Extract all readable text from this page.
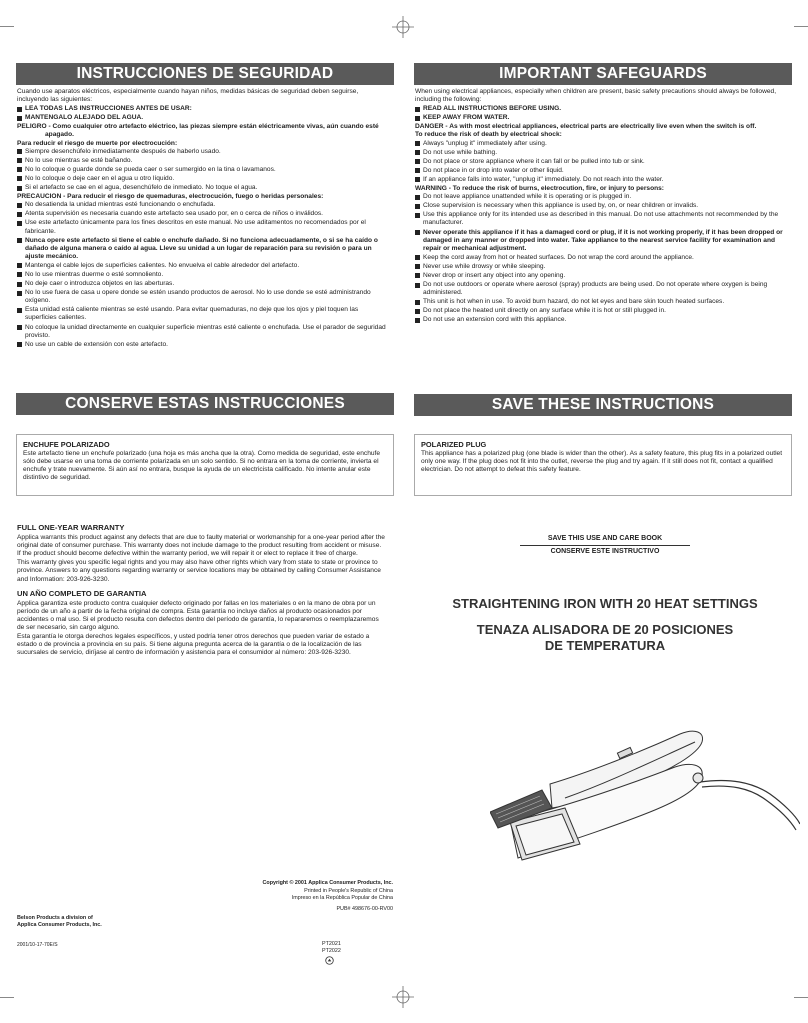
INSTRUCCIONES DE SEGURIDAD

Cuando use aparatos eléctricos, especialmente cuando hayan niños, medidas básicas de seguridad deben seguirse, incluyendo las siguientes:

LEA TODAS LAS INSTRUCCIONES ANTES DE USAR:
MANTENGALO ALEJADO DEL AGUA.
PELIGRO - Como cualquier otro artefacto eléctrico, las piezas siempre están eléctricamente vivas, aún cuando esté apagado.
Para reducir el riesgo de muerte por electrocución:
Siempre desenchúfelo inmediatamente después de haberlo usado.
No lo use mientras se esté bañando.
No lo coloque o guarde donde se pueda caer o ser sumergido en la tina o lavamanos.
No lo coloque o deje caer en el agua u otro líquido.
Si el artefacto se cae en el agua, desenchúfelo de inmediato. No toque el agua.
PRECAUCION - Para reducir el riesgo de quemaduras, electrocución, fuego o heridas personales:
No desatienda la unidad mientras esté funcionando o enchufada.
Atenta supervisión es necesaria cuando este artefacto sea usado por, en o cerca de niños o inválidos.
Use este artefacto únicamente para los fines descritos en este manual. No use aditamentos no recomendados por el fabricante.
Nunca opere este artefacto si tiene el cable o enchufe dañado. Si no funciona adecuadamente, o si se ha caído o dañado de alguna manera o caído al agua. Lleve su unidad a un lugar de reparación para su revisión o para un ajuste mecánico.
Mantenga el cable lejos de superficies calientes. No envuelva el cable alrededor del artefacto.
No lo use mientras duerme o esté somnoliento.
No deje caer o introduzca objetos en las aberturas.
No lo use fuera de casa u opere donde se estén usando productos de aerosol. No lo use donde se esté administrando oxígeno.
Esta unidad está caliente mientras se esté usando. Para evitar quemaduras, no deje que los ojos y piel toquen las superficies calientes.
No coloque la unidad directamente en cualquier superficie mientras esté caliente o enchufada. Use el parador de seguridad provisto.
No use un cable de extensión con este artefacto.
IMPORTANT SAFEGUARDS

When using electrical appliances, especially when children are present, basic safety precautions should always be followed, including the following:

READ ALL INSTRUCTIONS BEFORE USING.
KEEP AWAY FROM WATER.
DANGER - As with most electrical appliances, electrical parts are electrically live even when the switch is off.
To reduce the risk of death by electrical shock:
Always "unplug it" immediately after using.
Do not use while bathing.
Do not place or store appliance where it can fall or be pulled into tub or sink.
Do not place in or drop into water or other liquid.
If an appliance falls into water, "unplug it" immediately. Do not reach into the water.
WARNING - To reduce the risk of burns, electrocution, fire, or injury to persons:
Do not leave appliance unattended while it is operating or is plugged in.
Close supervision is necessary when this appliance is used by, on, or near children or invalids.
Use this appliance only for its intended use as described in this manual. Do not use attachments not recommended by the manufacturer.
Never operate this appliance if it has a damaged cord or plug, if it is not working properly, if it has been dropped or damaged in any manner or dropped into water. Take appliance to the nearest service facility for examination and repair or mechanical adjustment.
Keep the cord away from hot or heated surfaces. Do not wrap the cord around the appliance.
Never use while drowsy or while sleeping.
Never drop or insert any object into any opening.
Do not use outdoors or operate where aerosol (spray) products are being used. Do not operate where oxygen is being administered.
This unit is hot when in use. To avoid burn hazard, do not let eyes and bare skin touch heated surfaces.
Do not place the heated unit directly on any surface while it is hot or still plugged in.
Do not use an extension cord with this appliance.
CONSERVE ESTAS INSTRUCCIONES	SAVE THESE INSTRUCTIONS
ENCHUFE POLARIZADO
Este artefacto tiene un enchufe polarizado (una hoja es más ancha que la otra). Como medida de seguridad, este enchufe sólo debe usarse en una toma de corriente polarizada en un solo sentido. Si no entrara en la toma de corriente, invierta el enchufe y trate nuevamente. Si aún así no entrara, busque la ayuda de un electricista calificado. No intente anular este distintivo de seguridad.
POLARIZED PLUG
This appliance has a polarized plug (one blade is wider than the other). As a safety feature, this plug fits in a polarized outlet only one way. If the plug does not fit into the outlet, reverse the plug and try again. If it still does not fit, contact a qualified electrician. Do not attempt to defeat this safety feature.
FULL ONE-YEAR WARRANTY

Applica warrants this product against any defects that are due to faulty material or workmanship for a one-year period after the original date of consumer purchase. This warranty does not include damage to the product resulting from accident or misuse. If the product should become defective within the warranty period, we will repair it or elect to replace it free of charge.

This warranty gives you specific legal rights and you may also have other rights which vary from state to state or province to province. Answers to any questions regarding warranty or service locations may be obtained by calling Consumer Assistance and Information: 203-926-3230.

UN AÑO COMPLETO DE GARANTIA

Applica garantiza este producto contra cualquier defecto originado por fallas en los materiales o en la mano de obra por un período de un año a partir de la fecha original de compra. Esta garantía no incluye daños al producto ocasionados por accidentes o mal uso. Si el producto resulta con defectos dentro del período de garantía, lo repararemos o reemplazaremos de ser necesario, sin cargo alguno.

Esta garantía le otorga derechos legales específicos, y usted podría tener otros derechos que pueden variar de estado a estado o de provincia a provincia en su país. Si tiene alguna pregunta acerca de la garantía o de la localización de las sucursales de servicio, diríjase al centro de información y asistencia para el consumidor al número: 203-926-3230.

SAVE THIS USE AND CARE BOOK
CONSERVE ESTE INSTRUCTIVO
STRAIGHTENING IRON WITH 20 HEAT SETTINGS
TENAZA ALISADORA DE 20 POSICIONES
DE TEMPERATURA
Copyright © 2001 Applica Consumer Products, Inc.
Printed in People's Republic of China
Impreso en la República Popular de China
PUB# 498676-00-RV00
Belson Products a division of
Applica Consumer Products, Inc.
2001/10-17-70E/S	PT2021
PT2022
